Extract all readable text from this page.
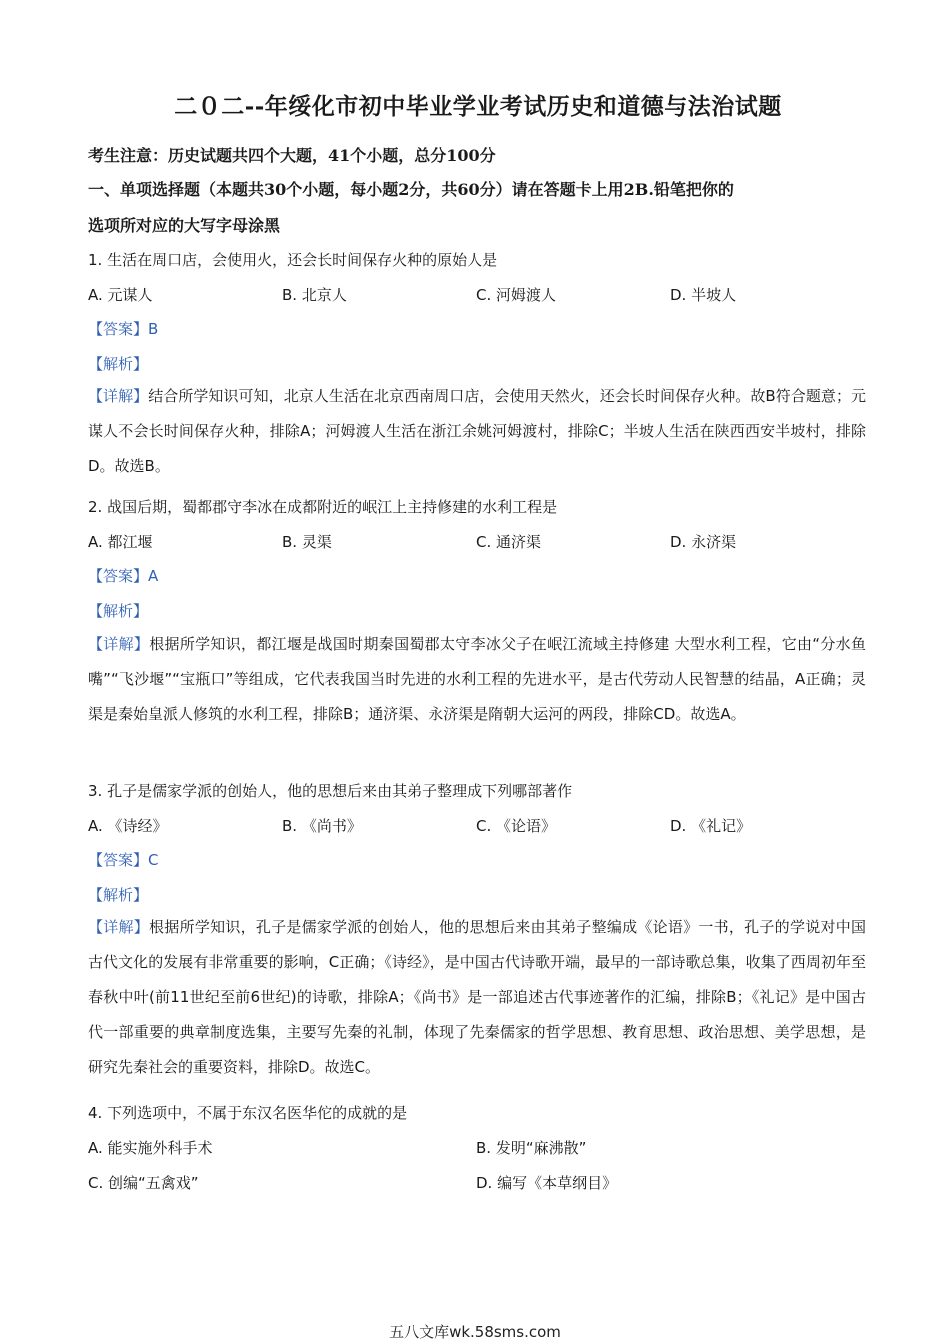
二０二--年绥化市初中毕业学业考试历史和道德与法治试题
考生注意：历史试题共四个大题，41个小题，总分100分
一、单项选择题（本题共30个小题，每小题2分，共60分）请在答题卡上用2B.铅笔把你的
选项所对应的大写字母涂黑
1. 生活在周口店，会使用火，还会长时间保存火种的原始人是
A. 元谋人	B. 北京人	C. 河姆渡人	D. 半坡人
【答案】B
【解析】
【详解】结合所学知识可知，北京人生活在北京西南周口店，会使用天然火，还会长时间保存火种。故B符合题意；元谋人不会长时间保存火种，排除A；河姆渡人生活在浙江余姚河姆渡村，排除C；半坡人生活在陕西西安半坡村，排除D。故选B。
2. 战国后期，蜀都郡守李冰在成都附近的岷江上主持修建的水利工程是
A. 都江堰	B. 灵渠	C. 通济渠	D. 永济渠
【答案】A
【解析】
【详解】根据所学知识，都江堰是战国时期秦国蜀郡太守李冰父子在岷江流域主持修建 大型水利工程，它由“分水鱼嘴”“飞沙堰”“宝瓶口”等组成，它代表我国当时先进的水利工程的先进水平，是古代劳动人民智慧的结晶，A正确；灵渠是秦始皇派人修筑的水利工程，排除B；通济渠、永济渠是隋朝大运河的两段，排除CD。故选A。
3. 孔子是儒家学派的创始人，他的思想后来由其弟子整理成下列哪部著作
A. 《诗经》	B. 《尚书》	C. 《论语》	D. 《礼记》
【答案】C
【解析】
【详解】根据所学知识，孔子是儒家学派的创始人，他的思想后来由其弟子整编成《论语》一书，孔子的学说对中国古代文化的发展有非常重要的影响，C正确；《诗经》，是中国古代诗歌开端，最早的一部诗歌总集，收集了西周初年至春秋中叶(前11世纪至前6世纪)的诗歌，排除A；《尚书》是一部追述古代事迹著作的汇编，排除B；《礼记》是中国古代一部重要的典章制度选集，主要写先秦的礼制，体现了先秦儒家的哲学思想、教育思想、政治思想、美学思想，是研究先秦社会的重要资料，排除D。故选C。
4. 下列选项中，不属于东汉名医华佗的成就的是
A. 能实施外科手术	B. 发明“麻沸散”
C. 创编“五禽戏”	D. 编写《本草纲目》
五八文库wk.58sms.com
